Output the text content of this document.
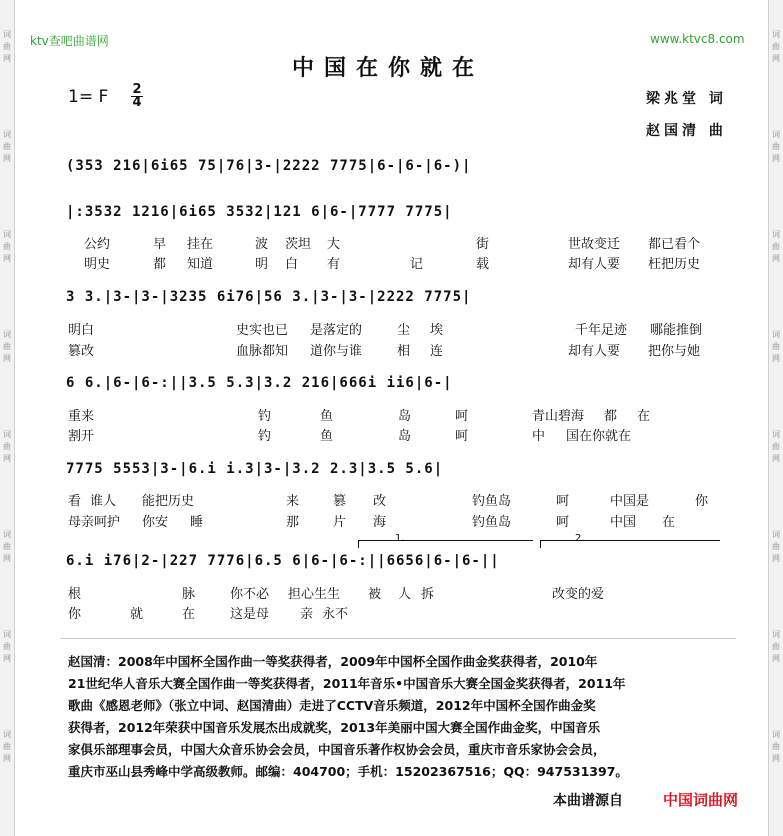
词
曲
网
词
曲
网
词
曲
网
词
曲
网
词
曲
网
词
曲
网
词
曲
网
词
曲
网
词
曲
网
词
曲
网
词
曲
网
词
曲
网
词
曲
网
词
曲
网
词
曲
网
词
曲
网
ktv查吧曲谱网	www.ktvc8.com
中国在你就在
1= F 2
4	梁兆堂 词
赵国清 曲
(353 216|6i65 75|76|3-|2222 7775|6-|6-|6-)|
|:3532 1216|6i65 3532|121 6|6-|7777 7775|
公约	早 挂在	波 茨坦 大	街	世故变迁 都已看个
明史	都 知道	明 白 有	记	载	却有人要 枉把历史
3 3.|3-|3-|3235 6i76|56 3.|3-|3-|2222 7775|
明白	史实也已 是落定的	尘 埃	千年足迹 哪能推倒
篡改	血脉都知 道你与谁	相 连	却有人要 把你与她
6 6.|6-|6-:||3.5 5.3|3.2 216|666i ii6|6-|
重来	钓	鱼	岛	呵	青山碧海 都 在
割开	钓	鱼	岛	呵	中 国在你就在
7775 5553|3-|6.i i.3|3-|3.2 2.3|3.5 5.6|
看 谁人 能把历史	来	篡 改	钓鱼岛	呵	中国是	你
母亲呵护 你安 睡	那	片 海	钓鱼岛	呵	中国 在
1.	2.
6.i i76|2-|227 7776|6.5 6|6-|6-:||6656|6-|6-||
根	脉	你不必 担心生生 被 人 拆	改变的爱
你	就	在	这是母 亲 永不
赵国清：2008年中国杯全国作曲一等奖获得者，2009年中国杯全国作曲金奖获得者，2010年
21世纪华人音乐大赛全国作曲一等奖获得者，2011年音乐•中国音乐大赛全国金奖获得者，2011年
歌曲《感恩老师》（张立中词、赵国清曲）走进了CCTV音乐频道，2012年中国杯全国作曲金奖
获得者，2012年荣获中国音乐发展杰出成就奖，2013年美丽中国大赛全国作曲金奖，中国音乐
家俱乐部理事会员，中国大众音乐协会会员，中国音乐著作权协会会员，重庆市音乐家协会会员，
重庆市巫山县秀峰中学高级教师。邮编：404700；手机：15202367516；QQ：947531397。
本曲谱源自	中国词曲网
